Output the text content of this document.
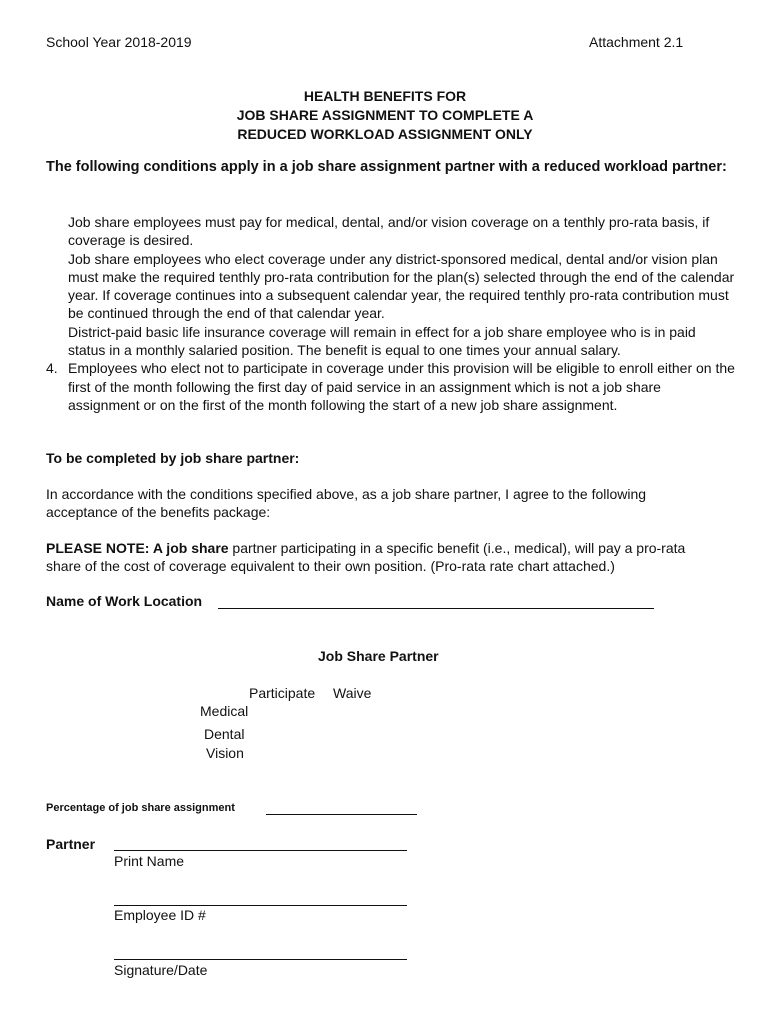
School Year 2018-2019	Attachment 2.1
HEALTH BENEFITS FOR
JOB SHARE ASSIGNMENT TO COMPLETE A
REDUCED WORKLOAD ASSIGNMENT ONLY
The following conditions apply in a job share assignment partner with a reduced workload partner:
Job share employees must pay for medical, dental, and/or vision coverage on a tenthly pro-rata basis, if coverage is desired.
Job share employees who elect coverage under any district-sponsored medical, dental and/or vision plan must make the required tenthly pro-rata contribution for the plan(s) selected through the end of the calendar year. If coverage continues into a subsequent calendar year, the required tenthly pro-rata contribution must be continued through the end of that calendar year.
District-paid basic life insurance coverage will remain in effect for a job share employee who is in paid status in a monthly salaried position. The benefit is equal to one times your annual salary.
4. Employees who elect not to participate in coverage under this provision will be eligible to enroll either on the first of the month following the first day of paid service in an assignment which is not a job share assignment or on the first of the month following the start of a new job share assignment.
To be completed by job share partner:
In accordance with the conditions specified above, as a job share partner, I agree to the following acceptance of the benefits package:
PLEASE NOTE: A job share partner participating in a specific benefit (i.e., medical), will pay a pro-rata share of the cost of coverage equivalent to their own position. (Pro-rata rate chart attached.)
Name of Work Location
Job Share Partner
Participate Waive
Medical
Dental
Vision
Percentage of job share assignment
Partner
Print Name
Employee ID #
Signature/Date
